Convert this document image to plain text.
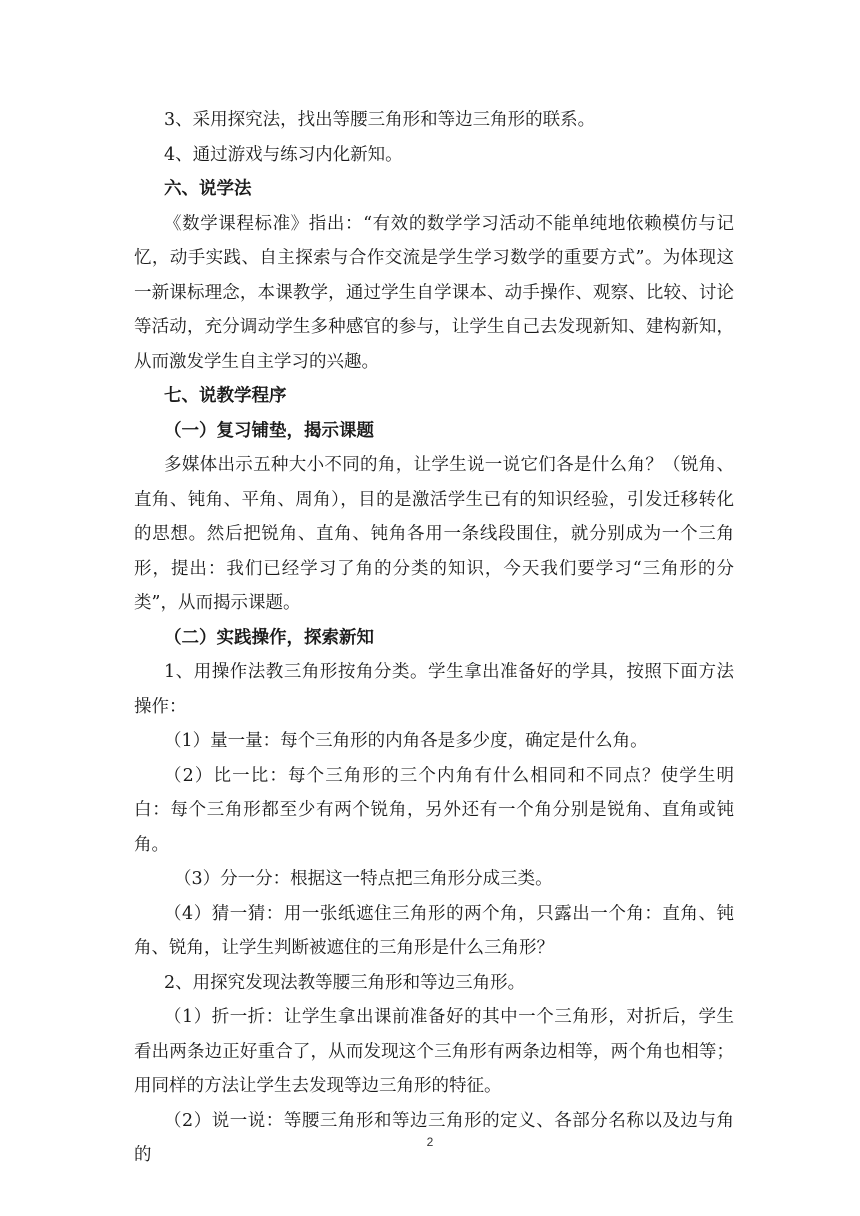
3、采用探究法，找出等腰三角形和等边三角形的联系。

4、通过游戏与练习内化新知。

六、说学法

《数学课程标准》指出：“有效的数学学习活动不能单纯地依赖模仿与记忆，动手实践、自主探索与合作交流是学生学习数学的重要方式”。为体现这一新课标理念，本课教学，通过学生自学课本、动手操作、观察、比较、讨论等活动，充分调动学生多种感官的参与，让学生自己去发现新知、建构新知，从而激发学生自主学习的兴趣。

七、说教学程序

（一）复习铺垫，揭示课题

多媒体出示五种大小不同的角，让学生说一说它们各是什么角？（锐角、直角、钝角、平角、周角），目的是激活学生已有的知识经验，引发迁移转化的思想。然后把锐角、直角、钝角各用一条线段围住，就分别成为一个三角形，提出：我们已经学习了角的分类的知识，今天我们要学习“三角形的分类”，从而揭示课题。

（二）实践操作，探索新知

1、用操作法教三角形按角分类。学生拿出准备好的学具，按照下面方法操作：

（1）量一量：每个三角形的内角各是多少度，确定是什么角。

（2）比一比：每个三角形的三个内角有什么相同和不同点？使学生明白：每个三角形都至少有两个锐角，另外还有一个角分别是锐角、直角或钝角。

（3）分一分：根据这一特点把三角形分成三类。

（4）猜一猜：用一张纸遮住三角形的两个角，只露出一个角：直角、钝角、锐角，让学生判断被遮住的三角形是什么三角形？

2、用探究发现法教等腰三角形和等边三角形。

（1）折一折：让学生拿出课前准备好的其中一个三角形，对折后，学生看出两条边正好重合了，从而发现这个三角形有两条边相等，两个角也相等；用同样的方法让学生去发现等边三角形的特征。

（2）说一说：等腰三角形和等边三角形的定义、各部分名称以及边与角的

2
